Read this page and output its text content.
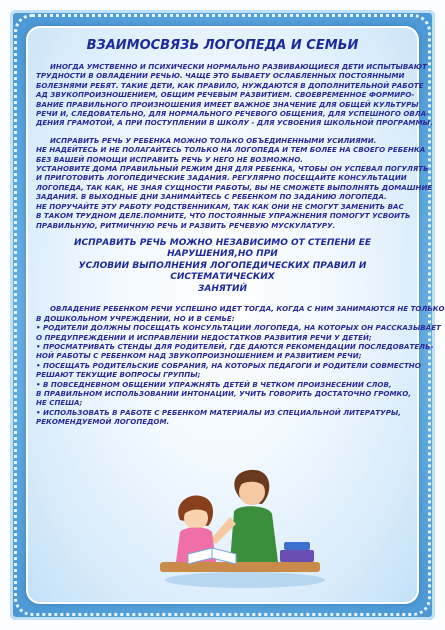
ВЗАИМОСВЯЗЬ ЛОГОПЕДА И СЕМЬИ
ИНОГДА УМСТВЕННО И ПСИХИЧЕСКИ НОРМАЛЬНО РАЗВИВАЮЩИЕСЯ ДЕТИ ИСПЫТЫВАЮТ
ТРУДНОСТИ В ОВЛАДЕНИИ РЕЧЬЮ. ЧАЩЕ ЭТО БЫВАЕТУ ОСЛАБЛЕННЫХ ПОСТОЯННЫМИ
БОЛЕЗНЯМИ РЕБЯТ. ТАКИЕ ДЕТИ, КАК ПРАВИЛО, НУЖДАЮТСЯ В ДОПОЛНИТЕЛЬНОЙ РАБОТЕ
АД ЗВУКОПРОИЗНОШЕНИЕМ, ОБЩИМ РЕЧЕВЫМ РАЗВИТИЕМ. СВОЕВРЕМЕННОЕ ФОРМИРО-
ВАНИЕ ПРАВИЛЬНОГО ПРОИЗНОШЕНИЯ ИМЕЕТ ВАЖНОЕ ЗНАЧЕНИЕ ДЛЯ ОБЩЕЙ КУЛЬТУРЫ
РЕЧИ И, СЛЕДОВАТЕЛЬНО, ДЛЯ НОРМАЛЬНОГО РЕЧЕВОГО ОБЩЕНИЯ, ДЛЯ УСПЕШНОГО ОВЛА-
ДЕНИЯ ГРАМОТОЙ, А ПРИ ПОСТУПЛЕНИИ В ШКОЛУ - ДЛЯ УСВОЕНИЯ ШКОЛЬНОЙ ПРОГРАММЫ.
ИСПРАВИТЬ РЕЧЬ У РЕБЕНКА МОЖНО ТОЛЬКО ОБЪЕДИНЕННЫМИ УСИЛИЯМИ.
НЕ НАДЕЙТЕСЬ И НЕ ПОЛАГАЙТЕСЬ ТОЛЬКО НА ЛОГОПЕДА И ТЕМ БОЛЕЕ НА СВОЕГО РЕБЕНКА
БЕЗ ВАШЕЙ ПОМОЩИ ИСПРАВИТЬ РЕЧЬ У НЕГО НЕ ВОЗМОЖНО.
УСТАНОВИТЕ ДОМА ПРАВИЛЬНЫЙ РЕЖИМ ДНЯ ДЛЯ РЕБЕНКА, ЧТОБЫ ОН УСПЕВАЛ ПОГУЛЯТЬ
И ПРИГОТОВИТЬ ЛОГОПЕДИЧЕСКИЕ ЗАДАНИЯ. РЕГУЛЯРНО ПОСЕЩАЙТЕ КОНСУЛЬТАЦИИ
ЛОГОПЕДА, ТАК КАК, НЕ ЗНАЯ СУЩНОСТИ РАБОТЫ, ВЫ НЕ СМОЖЕТЕ ВЫПОЛНЯТЬ ДОМАШНИЕ
ЗАДАНИЯ. В ВЫХОДНЫЕ ДНИ ЗАНИМАЙТЕСЬ С РЕБЕНКОМ ПО ЗАДАНИЮ ЛОГОПЕДА.
НЕ ПОРУЧАЙТЕ ЭТУ РАБОТУ РОДСТВЕННИКАМ, ТАК КАК ОНИ НЕ СМОГУТ ЗАМЕНИТЬ ВАС
В ТАКОМ ТРУДНОМ ДЕЛЕ.ПОМНИТЕ, ЧТО ПОСТОЯННЫЕ УПРАЖНЕНИЯ ПОМОГУТ УСВОИТЬ
ПРАВИЛЬНУЮ, РИТМИЧНУЮ РЕЧЬ И РАЗВИТЬ РЕЧЕВУЮ МУСКУЛАТУРУ.
ИСПРАВИТЬ РЕЧЬ МОЖНО НЕЗАВИСИМО ОТ СТЕПЕНИ ЕЕ НАРУШЕНИЯ,НО ПРИ
УСЛОВИИ ВЫПОЛНЕНИЯ ЛОГОПЕДИЧЕСКИХ ПРАВИЛ И СИСТЕМАТИЧЕСКИХ
ЗАНЯТИЙ
ОВЛАДЕНИЕ РЕБЕНКОМ РЕЧИ УСПЕШНО ИДЕТ ТОГДА, КОГДА С НИМ ЗАНИМАЮТСЯ НЕ ТОЛЬКО
В ДОШКОЛЬНОМ УЧРЕЖДЕНИИ, НО И В СЕМЬЕ:
• РОДИТЕЛИ ДОЛЖНЫ ПОСЕЩАТЬ КОНСУЛЬТАЦИИ ЛОГОПЕДА, НА КОТОРЫХ ОН РАССКАЗЫВАЕТ
О ПРЕДУПРЕЖДЕНИИ И ИСПРАВЛЕНИИ НЕДОСТАТКОВ РАЗВИТИЯ РЕЧИ У ДЕТЕЙ;
• ПРОСМАТРИВАТЬ СТЕНДЫ ДЛЯ РОДИТЕЛЕЙ, ГДЕ ДАЮТСЯ РЕКОМЕНДАЦИИ ПОСЛЕДОВАТЕЛЬ-
НОЙ РАБОТЫ С РЕБЕНКОМ НАД ЗВУКОПРОИЗНОШЕНИЕМ И РАЗВИТИЕМ РЕЧИ;
• ПОСЕЩАТЬ РОДИТЕЛЬСКИЕ СОБРАНИЯ, НА КОТОРЫХ ПЕДАГОГИ И РОДИТЕЛИ СОВМЕСТНО
РЕШАЮТ ТЕКУЩИЕ ВОПРОСЫ ГРУППЫ;
• В ПОВСЕДНЕВНОМ ОБЩЕНИИ УПРАЖНЯТЬ ДЕТЕЙ В ЧЕТКОМ ПРОИЗНЕСЕНИИ СЛОВ,
В ПРАВИЛЬНОМ ИСПОЛЬЗОВАНИИ ИНТОНАЦИИ, УЧИТЬ ГОВОРИТЬ ДОСТАТОЧНО ГРОМКО,
НЕ СПЕША;
• ИСПОЛЬЗОВАТЬ В РАБОТЕ С РЕБЕНКОМ МАТЕРИАЛЫ ИЗ СПЕЦИАЛЬНОЙ ЛИТЕРАТУРЫ,
РЕКОМЕНДУЕМОЙ ЛОГОПЕДОМ.
